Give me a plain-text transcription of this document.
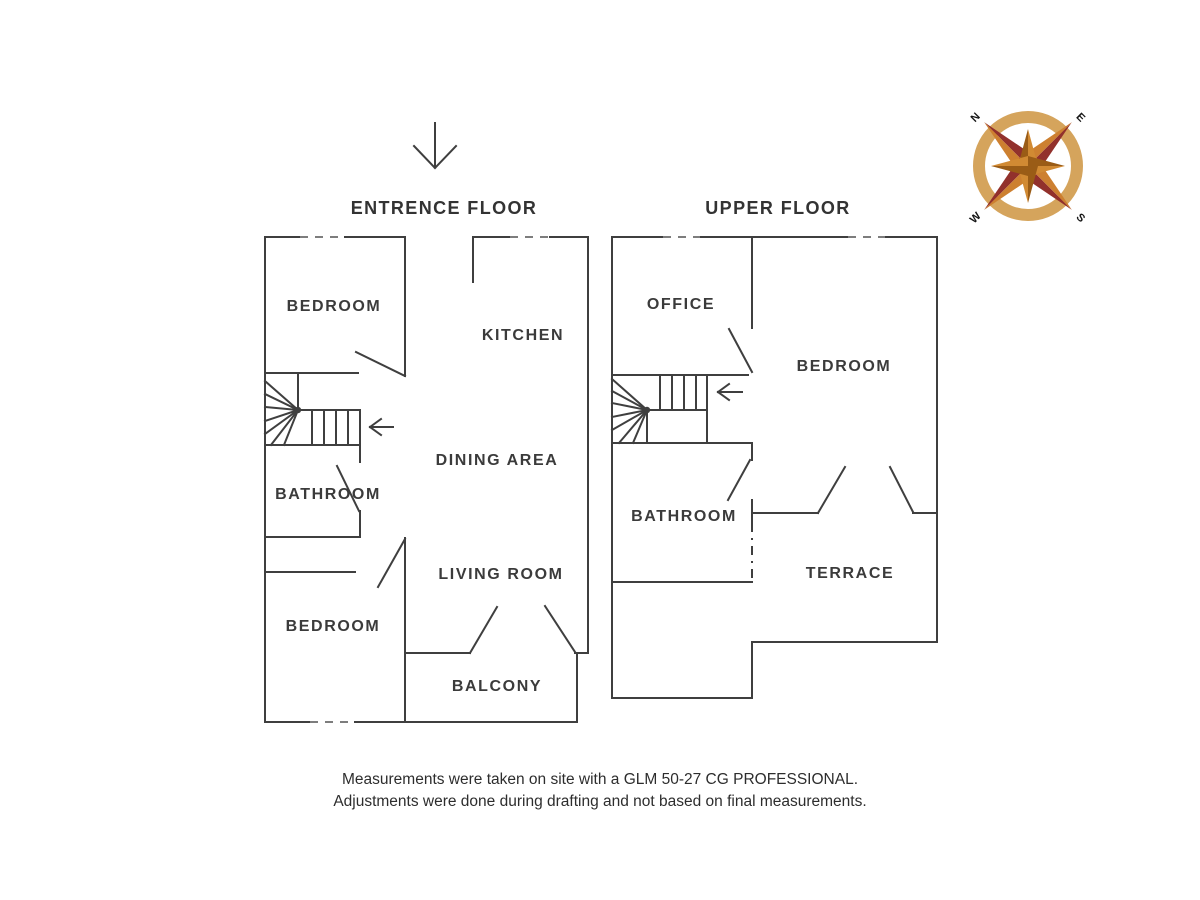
ENTRENCE FLOOR
BEDROOM
KITCHEN
DINING AREA
BATHROOM
LIVING ROOM
BEDROOM
BALCONY
UPPER FLOOR
OFFICE
BEDROOM
BATHROOM
TERRACE
N	E
W	S
Measurements were taken on site with a GLM 50-27 CG PROFESSIONAL.
Adjustments were done during drafting and not based on final measurements.
